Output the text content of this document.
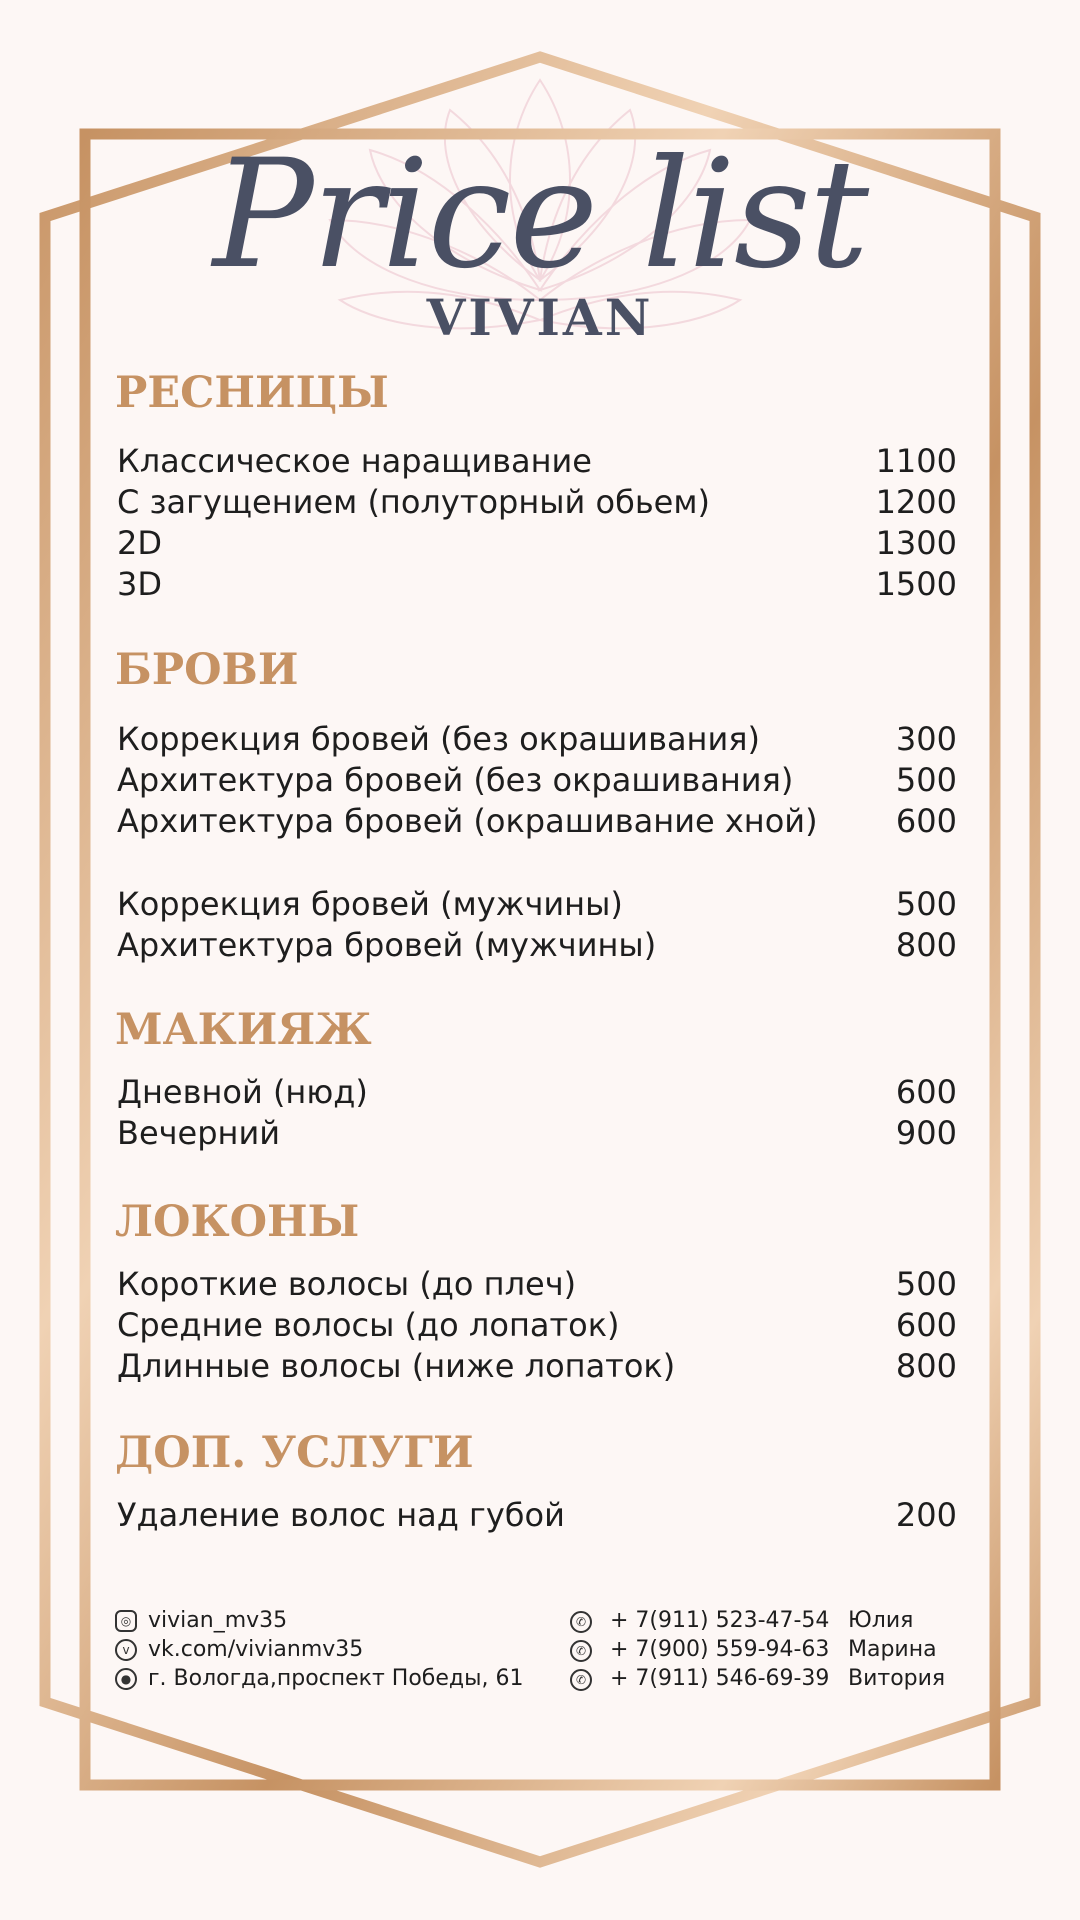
Price list
VIVIAN
РЕСНИЦЫ
Классическое наращивание	1100
С загущением (полуторный обьем)	1200
2D	1300
3D	1500
БРОВИ
Коррекция бровей (без окрашивания)	300
Архитектура бровей (без окрашивания)	500
Архитектура бровей (окрашивание хной) 600
Коррекция бровей (мужчины)	500
Архитектура бровей (мужчины)	800
МАКИЯЖ
Дневной (нюд)	600
Вечерний	900
ЛОКОНЫ
Короткие волосы (до плеч)	500
Средние волосы (до лопаток)	600
Длинные волосы (ниже лопаток)	800
ДОП. УСЛУГИ
Удаление волос над губой	200
◎ vivian_mv35
v vk.com/vivianmv35
● г. Вологда,проспект Победы, 61
✆ + 7(911) 523-47-54 Юлия
✆ + 7(900) 559-94-63 Марина
✆ + 7(911) 546-69-39 Витория
